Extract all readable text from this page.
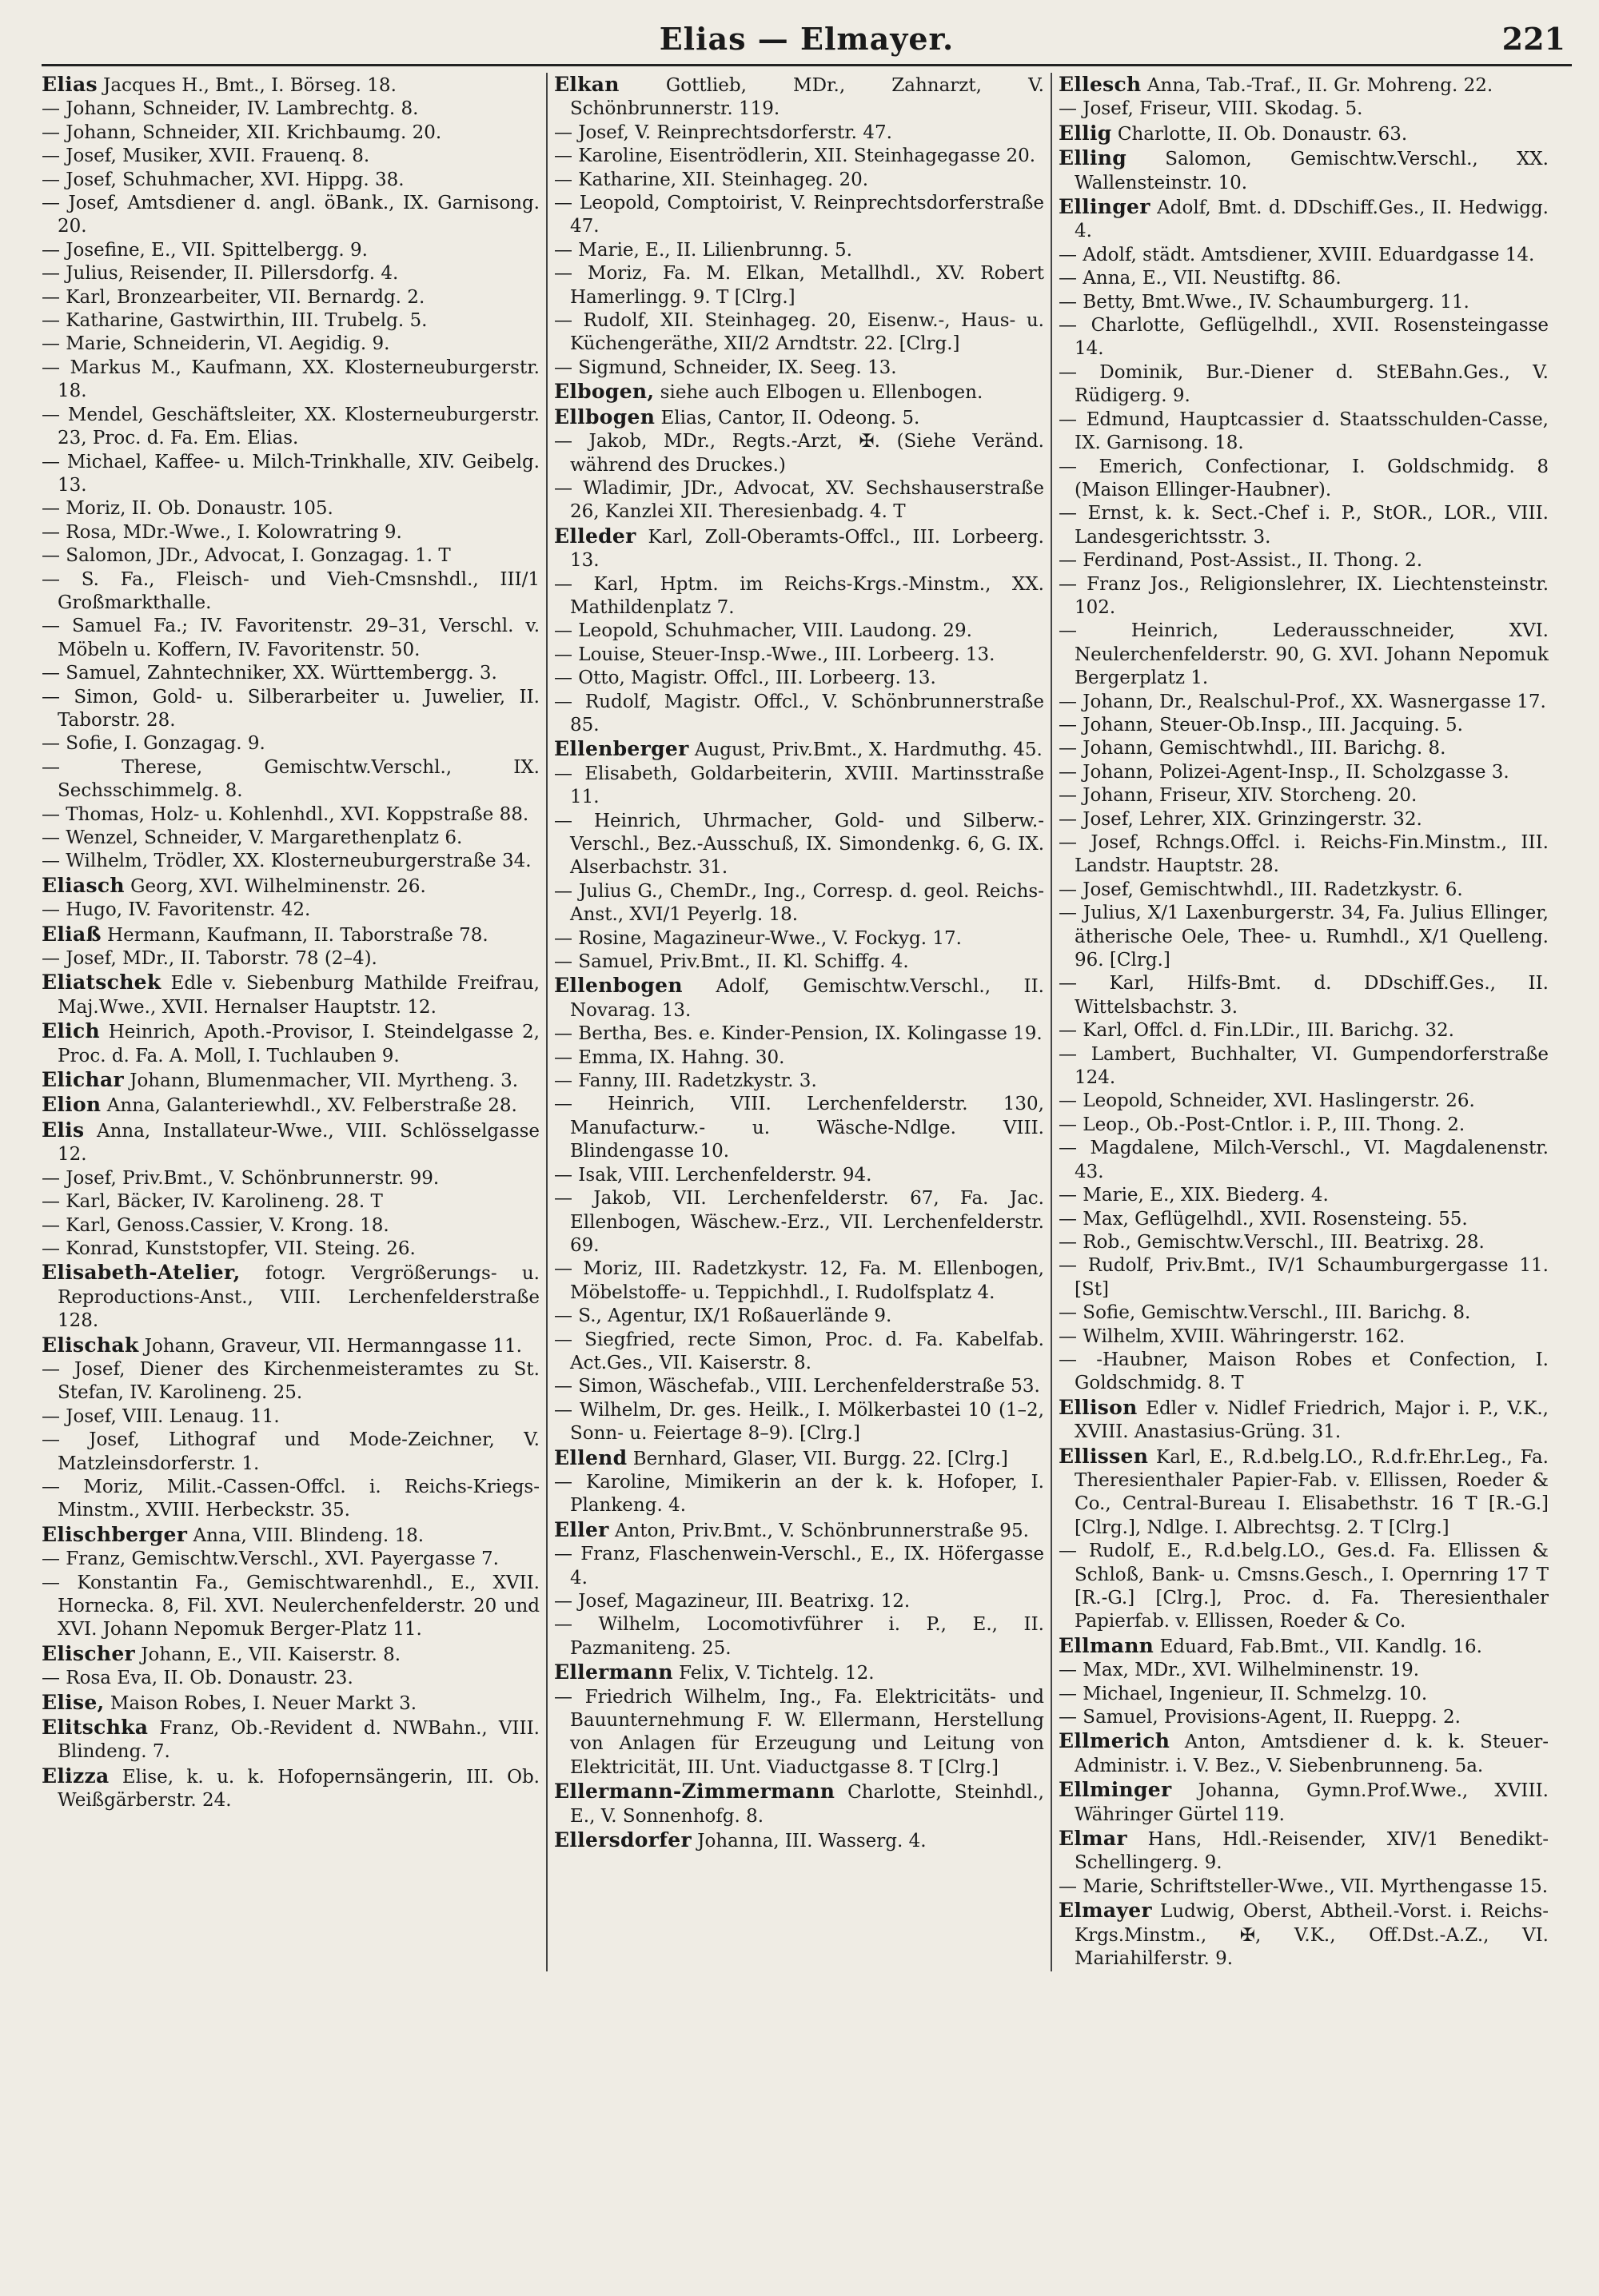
Elias — Elmayer.	221
Elias Jacques H., Bmt., I. Börseg. 18.
— Johann, Schneider, IV. Lambrechtg. 8.
— Johann, Schneider, XII. Krichbaumg. 20.
— Josef, Musiker, XVII. Frauenq. 8.
— Josef, Schuhmacher, XVI. Hippg. 38.
— Josef, Amtsdiener d. angl. öBank., IX. Garnisong. 20.
— Josefine, E., VII. Spittelbergg. 9.
— Julius, Reisender, II. Pillersdorfg. 4.
— Karl, Bronzearbeiter, VII. Bernardg. 2.
— Katharine, Gastwirthin, III. Trubelg. 5.
— Marie, Schneiderin, VI. Aegidig. 9.
— Markus M., Kaufmann, XX. Klosterneuburgerstr. 18.
— Mendel, Geschäftsleiter, XX. Klosterneuburgerstr. 23, Proc. d. Fa. Em. Elias.
— Michael, Kaffee- u. Milch-Trinkhalle, XIV. Geibelg. 13.
— Moriz, II. Ob. Donaustr. 105.
— Rosa, MDr.-Wwe., I. Kolowratring 9.
— Salomon, JDr., Advocat, I. Gonzagag. 1. T
— S. Fa., Fleisch- und Vieh-Cmsnshdl., III/1 Großmarkthalle.
— Samuel Fa.; IV. Favoritenstr. 29–31, Verschl. v. Möbeln u. Koffern, IV. Favoritenstr. 50.
— Samuel, Zahntechniker, XX. Württembergg. 3.
— Simon, Gold- u. Silberarbeiter u. Juwelier, II. Taborstr. 28.
— Sofie, I. Gonzagag. 9.
— Therese, Gemischtw.Verschl., IX. Sechsschimmelg. 8.
— Thomas, Holz- u. Kohlenhdl., XVI. Koppstraße 88.
— Wenzel, Schneider, V. Margarethenplatz 6.
— Wilhelm, Trödler, XX. Klosterneuburgerstraße 34.
Eliasch Georg, XVI. Wilhelminenstr. 26.
— Hugo, IV. Favoritenstr. 42.
Eliaß Hermann, Kaufmann, II. Taborstraße 78.
— Josef, MDr., II. Taborstr. 78 (2–4).
Eliatschek Edle v. Siebenburg Mathilde Freifrau, Maj.Wwe., XVII. Hernalser Hauptstr. 12.
Elich Heinrich, Apoth.-Provisor, I. Steindelgasse 2, Proc. d. Fa. A. Moll, I. Tuchlauben 9.
Elichar Johann, Blumenmacher, VII. Myrtheng. 3.
Elion Anna, Galanteriewhdl., XV. Felberstraße 28.
Elis Anna, Installateur-Wwe., VIII. Schlösselgasse 12.
— Josef, Priv.Bmt., V. Schönbrunnerstr. 99.
— Karl, Bäcker, IV. Karolineng. 28. T
— Karl, Genoss.Cassier, V. Krong. 18.
— Konrad, Kunststopfer, VII. Steing. 26.
Elisabeth-Atelier, fotogr. Vergrößerungs- u. Reproductions-Anst., VIII. Lerchenfelderstraße 128.
Elischak Johann, Graveur, VII. Hermanngasse 11.
— Josef, Diener des Kirchenmeisteramtes zu St. Stefan, IV. Karolineng. 25.
— Josef, VIII. Lenaug. 11.
— Josef, Lithograf und Mode-Zeichner, V. Matzleinsdorferstr. 1.
— Moriz, Milit.-Cassen-Offcl. i. Reichs-Kriegs-Minstm., XVIII. Herbeckstr. 35.
Elischberger Anna, VIII. Blindeng. 18.
— Franz, Gemischtw.Verschl., XVI. Payergasse 7.
— Konstantin Fa., Gemischtwarenhdl., E., XVII. Hornecka. 8, Fil. XVI. Neulerchenfelderstr. 20 und XVI. Johann Nepomuk Berger-Platz 11.
Elischer Johann, E., VII. Kaiserstr. 8.
— Rosa Eva, II. Ob. Donaustr. 23.
Elise, Maison Robes, I. Neuer Markt 3.
Elitschka Franz, Ob.-Revident d. NWBahn., VIII. Blindeng. 7.
Elizza Elise, k. u. k. Hofopernsängerin, III. Ob. Weißgärberstr. 24.
Elkan Gottlieb, MDr., Zahnarzt, V. Schönbrunnerstr. 119.
— Josef, V. Reinprechtsdorferstr. 47.
— Karoline, Eisentrödlerin, XII. Steinhagegasse 20.
— Katharine, XII. Steinhageg. 20.
— Leopold, Comptoirist, V. Reinprechtsdorferstraße 47.
— Marie, E., II. Lilienbrunng. 5.
— Moriz, Fa. M. Elkan, Metallhdl., XV. Robert Hamerlingg. 9. T [Clrg.]
— Rudolf, XII. Steinhageg. 20, Eisenw.-, Haus- u. Küchengeräthe, XII/2 Arndtstr. 22. [Clrg.]
— Sigmund, Schneider, IX. Seeg. 13.
Elbogen, siehe auch Elbogen u. Ellenbogen.
Ellbogen Elias, Cantor, II. Odeong. 5.
— Jakob, MDr., Regts.-Arzt, ✠. (Siehe Veränd. während des Druckes.)
— Wladimir, JDr., Advocat, XV. Sechshauserstraße 26, Kanzlei XII. Theresienbadg. 4. T
Elleder Karl, Zoll-Oberamts-Offcl., III. Lorbeerg. 13.
— Karl, Hptm. im Reichs-Krgs.-Minstm., XX. Mathildenplatz 7.
— Leopold, Schuhmacher, VIII. Laudong. 29.
— Louise, Steuer-Insp.-Wwe., III. Lorbeerg. 13.
— Otto, Magistr. Offcl., III. Lorbeerg. 13.
— Rudolf, Magistr. Offcl., V. Schönbrunnerstraße 85.
Ellenberger August, Priv.Bmt., X. Hardmuthg. 45.
— Elisabeth, Goldarbeiterin, XVIII. Martinsstraße 11.
— Heinrich, Uhrmacher, Gold- und Silberw.-Verschl., Bez.-Ausschuß, IX. Simondenkg. 6, G. IX. Alserbachstr. 31.
— Julius G., ChemDr., Ing., Corresp. d. geol. Reichs-Anst., XVI/1 Peyerlg. 18.
— Rosine, Magazineur-Wwe., V. Fockyg. 17.
— Samuel, Priv.Bmt., II. Kl. Schiffg. 4.
Ellenbogen Adolf, Gemischtw.Verschl., II. Novarag. 13.
— Bertha, Bes. e. Kinder-Pension, IX. Kolingasse 19.
— Emma, IX. Hahng. 30.
— Fanny, III. Radetzkystr. 3.
— Heinrich, VIII. Lerchenfelderstr. 130, Manufacturw.- u. Wäsche-Ndlge. VIII. Blindengasse 10.
— Isak, VIII. Lerchenfelderstr. 94.
— Jakob, VII. Lerchenfelderstr. 67, Fa. Jac. Ellenbogen, Wäschew.-Erz., VII. Lerchenfelderstr. 69.
— Moriz, III. Radetzkystr. 12, Fa. M. Ellenbogen, Möbelstoffe- u. Teppichhdl., I. Rudolfsplatz 4.
— S., Agentur, IX/1 Roßauerlände 9.
— Siegfried, recte Simon, Proc. d. Fa. Kabelfab. Act.Ges., VII. Kaiserstr. 8.
— Simon, Wäschefab., VIII. Lerchenfelderstraße 53.
— Wilhelm, Dr. ges. Heilk., I. Mölkerbastei 10 (1–2, Sonn- u. Feiertage 8–9). [Clrg.]
Ellend Bernhard, Glaser, VII. Burgg. 22. [Clrg.]
— Karoline, Mimikerin an der k. k. Hofoper, I. Plankeng. 4.
Eller Anton, Priv.Bmt., V. Schönbrunnerstraße 95.
— Franz, Flaschenwein-Verschl., E., IX. Höfergasse 4.
— Josef, Magazineur, III. Beatrixg. 12.
— Wilhelm, Locomotivführer i. P., E., II. Pazmaniteng. 25.
Ellermann Felix, V. Tichtelg. 12.
— Friedrich Wilhelm, Ing., Fa. Elektricitäts- und Bauunternehmung F. W. Ellermann, Herstellung von Anlagen für Erzeugung und Leitung von Elektricität, III. Unt. Viaductgasse 8. T [Clrg.]
Ellermann-Zimmermann Charlotte, Steinhdl., E., V. Sonnenhofg. 8.
Ellersdorfer Johanna, III. Wasserg. 4.
Ellesch Anna, Tab.-Traf., II. Gr. Mohreng. 22.
— Josef, Friseur, VIII. Skodag. 5.
Ellig Charlotte, II. Ob. Donaustr. 63.
Elling Salomon, Gemischtw.Verschl., XX. Wallensteinstr. 10.
Ellinger Adolf, Bmt. d. DDschiff.Ges., II. Hedwigg. 4.
— Adolf, städt. Amtsdiener, XVIII. Eduardgasse 14.
— Anna, E., VII. Neustiftg. 86.
— Betty, Bmt.Wwe., IV. Schaumburgerg. 11.
— Charlotte, Geflügelhdl., XVII. Rosensteingasse 14.
— Dominik, Bur.-Diener d. StEBahn.Ges., V. Rüdigerg. 9.
— Edmund, Hauptcassier d. Staatsschulden-Casse, IX. Garnisong. 18.
— Emerich, Confectionar, I. Goldschmidg. 8 (Maison Ellinger-Haubner).
— Ernst, k. k. Sect.-Chef i. P., StOR., LOR., VIII. Landesgerichtsstr. 3.
— Ferdinand, Post-Assist., II. Thong. 2.
— Franz Jos., Religionslehrer, IX. Liechtensteinstr. 102.
— Heinrich, Lederausschneider, XVI. Neulerchenfelderstr. 90, G. XVI. Johann Nepomuk Bergerplatz 1.
— Johann, Dr., Realschul-Prof., XX. Wasnergasse 17.
— Johann, Steuer-Ob.Insp., III. Jacquing. 5.
— Johann, Gemischtwhdl., III. Barichg. 8.
— Johann, Polizei-Agent-Insp., II. Scholzgasse 3.
— Johann, Friseur, XIV. Storcheng. 20.
— Josef, Lehrer, XIX. Grinzingerstr. 32.
— Josef, Rchngs.Offcl. i. Reichs-Fin.Minstm., III. Landstr. Hauptstr. 28.
— Josef, Gemischtwhdl., III. Radetzkystr. 6.
— Julius, X/1 Laxenburgerstr. 34, Fa. Julius Ellinger, ätherische Oele, Thee- u. Rumhdl., X/1 Quelleng. 96. [Clrg.]
— Karl, Hilfs-Bmt. d. DDschiff.Ges., II. Wittelsbachstr. 3.
— Karl, Offcl. d. Fin.LDir., III. Barichg. 32.
— Lambert, Buchhalter, VI. Gumpendorferstraße 124.
— Leopold, Schneider, XVI. Haslingerstr. 26.
— Leop., Ob.-Post-Cntlor. i. P., III. Thong. 2.
— Magdalene, Milch-Verschl., VI. Magdalenenstr. 43.
— Marie, E., XIX. Biederg. 4.
— Max, Geflügelhdl., XVII. Rosensteing. 55.
— Rob., Gemischtw.Verschl., III. Beatrixg. 28.
— Rudolf, Priv.Bmt., IV/1 Schaumburgergasse 11. [St]
— Sofie, Gemischtw.Verschl., III. Barichg. 8.
— Wilhelm, XVIII. Währingerstr. 162.
— -Haubner, Maison Robes et Confection, I. Goldschmidg. 8. T
Ellison Edler v. Nidlef Friedrich, Major i. P., V.K., XVIII. Anastasius-Grüng. 31.
Ellissen Karl, E., R.d.belg.LO., R.d.fr.Ehr.Leg., Fa. Theresienthaler Papier-Fab. v. Ellissen, Roeder & Co., Central-Bureau I. Elisabethstr. 16 T [R.-G.] [Clrg.], Ndlge. I. Albrechtsg. 2. T [Clrg.]
— Rudolf, E., R.d.belg.LO., Ges.d. Fa. Ellissen & Schloß, Bank- u. Cmsns.Gesch., I. Opernring 17 T [R.-G.] [Clrg.], Proc. d. Fa. Theresienthaler Papierfab. v. Ellissen, Roeder & Co.
Ellmann Eduard, Fab.Bmt., VII. Kandlg. 16.
— Max, MDr., XVI. Wilhelminenstr. 19.
— Michael, Ingenieur, II. Schmelzg. 10.
— Samuel, Provisions-Agent, II. Rueppg. 2.
Ellmerich Anton, Amtsdiener d. k. k. Steuer-Administr. i. V. Bez., V. Siebenbrunneng. 5a.
Ellminger Johanna, Gymn.Prof.Wwe., XVIII. Währinger Gürtel 119.
Elmar Hans, Hdl.-Reisender, XIV/1 Benedikt-Schellingerg. 9.
— Marie, Schriftsteller-Wwe., VII. Myrthengasse 15.
Elmayer Ludwig, Oberst, Abtheil.-Vorst. i. Reichs-Krgs.Minstm., ✠, V.K., Off.Dst.-A.Z., VI. Mariahilferstr. 9.
